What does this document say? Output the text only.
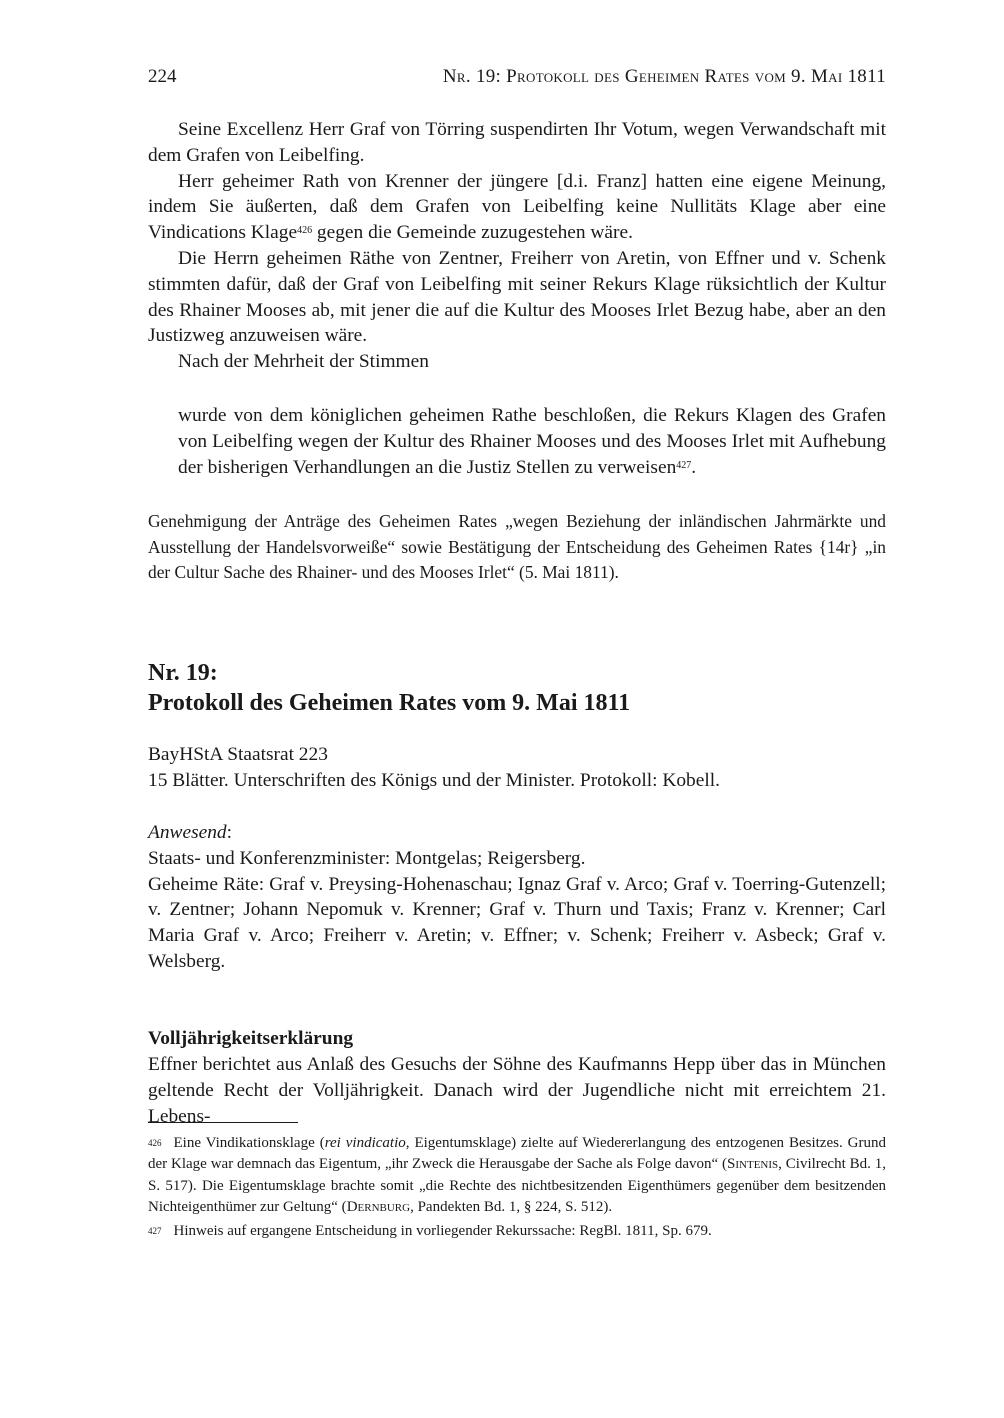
224	Nr. 19: Protokoll des Geheimen Rates vom 9. Mai 1811

Seine Excellenz Herr Graf von Törring suspendirten Ihr Votum, wegen Verwandschaft mit dem Grafen von Leibelfing.

Herr geheimer Rath von Krenner der jüngere [d.i. Franz] hatten eine eigene Meinung, indem Sie äußerten, daß dem Grafen von Leibelfing keine Nullitäts Klage aber eine Vindications Klage$^{426}$ gegen die Gemeinde zuzugestehen wäre.

Die Herrn geheimen Räthe von Zentner, Freiherr von Aretin, von Effner und v. Schenk stimmten dafür, daß der Graf von Leibelfing mit seiner Rekurs Klage rüksichtlich der Kultur des Rhainer Mooses ab, mit jener die auf die Kultur des Mooses Irlet Bezug habe, aber an den Justizweg anzuweisen wäre.

Nach der Mehrheit der Stimmen

wurde von dem königlichen geheimen Rathe beschloßen, die Rekurs Klagen des Grafen von Leibelfing wegen der Kultur des Rhainer Mooses und des Mooses Irlet mit Aufhebung der bisherigen Verhandlungen an die Justiz Stellen zu verweisen$^{427}$.

Genehmigung der Anträge des Geheimen Rates „wegen Beziehung der inländischen Jahrmärkte und Ausstellung der Handelsvorweiße“ sowie Bestätigung der Entscheidung des Geheimen Rates {14r} „in der Cultur Sache des Rhainer- und des Mooses Irlet“ (5. Mai 1811).

Nr. 19:
Protokoll des Geheimen Rates vom 9. Mai 1811

BayHStA Staatsrat 223

15 Blätter. Unterschriften des Königs und der Minister. Protokoll: Kobell.

Anwesend:

Staats- und Konferenzminister: Montgelas; Reigersberg.

Geheime Räte: Graf v. Preysing-Hohenaschau; Ignaz Graf v. Arco; Graf v. Toerring-Gutenzell; v. Zentner; Johann Nepomuk v. Krenner; Graf v. Thurn und Taxis; Franz v. Krenner; Carl Maria Graf v. Arco; Freiherr v. Aretin; v. Effner; v. Schenk; Freiherr v. Asbeck; Graf v. Welsberg.

Volljährigkeitserklärung

Effner berichtet aus Anlaß des Gesuchs der Söhne des Kaufmanns Hepp über das in München geltende Recht der Volljährigkeit. Danach wird der Jugendliche nicht mit erreichtem 21. Lebens-

$^{426}$ Eine Vindikationsklage (rei vindicatio, Eigentumsklage) zielte auf Wiedererlangung des entzogenen Besitzes. Grund der Klage war demnach das Eigentum, „ihr Zweck die Herausgabe der Sache als Folge davon“ (Sintenis, Civilrecht Bd. 1, S. 517). Die Eigentumsklage brachte somit „die Rechte des nichtbesitzenden Eigenthümers gegenüber dem besitzenden Nichteigenthümer zur Geltung“ (Dernburg, Pandekten Bd. 1, § 224, S. 512).

$^{427}$ Hinweis auf ergangene Entscheidung in vorliegender Rekurssache: RegBl. 1811, Sp. 679.
